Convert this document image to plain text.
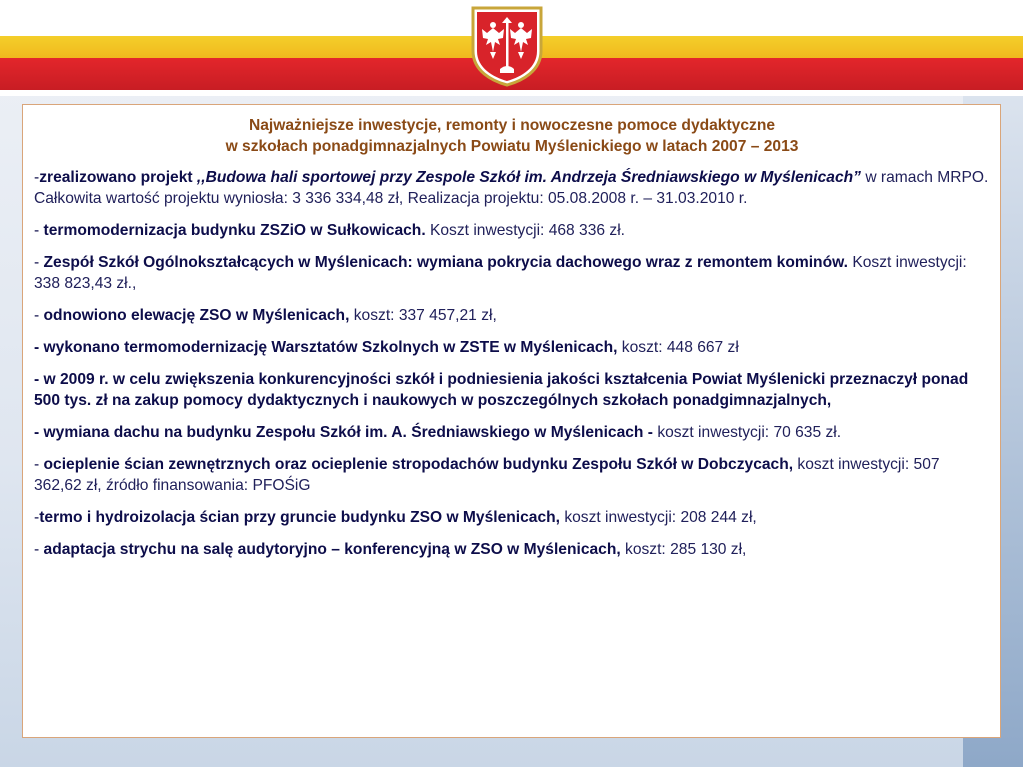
Najważniejsze inwestycje, remonty i nowoczesne pomoce dydaktyczne
w szkołach ponadgimnazjalnych Powiatu Myślenickiego w latach 2007 – 2013
-zrealizowano projekt ,,Budowa hali sportowej przy Zespole Szkół im. Andrzeja Średniawskiego w Myślenicach” w ramach MRPO. Całkowita wartość projektu wyniosła: 3 336 334,48 zł, Realizacja projektu: 05.08.2008 r. – 31.03.2010 r.
- termomodernizacja budynku ZSZiO w Sułkowicach. Koszt inwestycji: 468 336 zł.
- Zespół Szkół Ogólnokształcących w Myślenicach: wymiana pokrycia dachowego wraz z remontem kominów. Koszt inwestycji: 338 823,43 zł.,
- odnowiono elewację ZSO w Myślenicach, koszt: 337 457,21 zł,
- wykonano termomodernizację Warsztatów Szkolnych w ZSTE w Myślenicach, koszt: 448 667 zł
- w 2009 r. w celu zwiększenia konkurencyjności szkół i podniesienia jakości kształcenia Powiat Myślenicki przeznaczył ponad 500 tys. zł na zakup pomocy dydaktycznych i naukowych w poszczególnych szkołach ponadgimnazjalnych,
- wymiana dachu na budynku Zespołu Szkół im. A. Średniawskiego w Myślenicach - koszt inwestycji: 70 635 zł.
- ocieplenie ścian zewnętrznych oraz ocieplenie stropodachów budynku Zespołu Szkół w Dobczycach, koszt inwestycji: 507 362,62 zł, źródło finansowania: PFOŚiG
-termo i hydroizolacja ścian przy gruncie budynku ZSO w Myślenicach, koszt inwestycji: 208 244 zł,
- adaptacja strychu na salę audytoryjno – konferencyjną w ZSO w Myślenicach, koszt: 285 130 zł,
